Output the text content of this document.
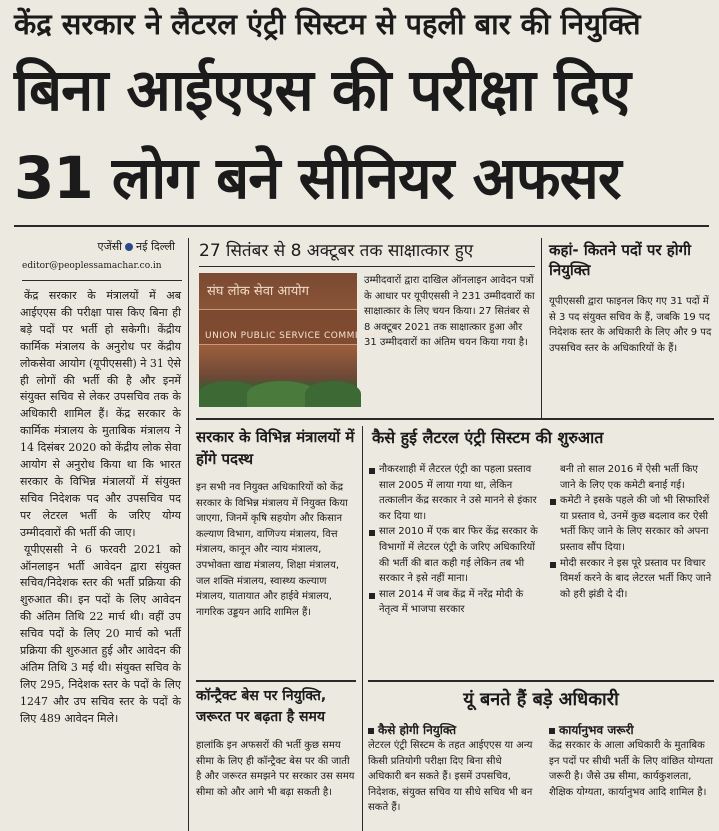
केंद्र सरकार ने लैटरल एंट्री सिस्टम से पहली बार की नियुक्ति
बिना आईएएस की परीक्षा दिए
31 लोग बने सीनियर अफसर
एजेंसी नई दिल्ली
editor@peoplessamachar.co.in
केंद्र सरकार के मंत्रालयों में अब आईएएस की परीक्षा पास किए बिना ही बड़े पदों पर भर्ती हो सकेगी। केंद्रीय कार्मिक मंत्रालय के अनुरोध पर केंद्रीय लोकसेवा आयोग (यूपीएससी) ने 31 ऐसे ही लोगों की भर्ती की है और इनमें संयुक्त सचिव से लेकर उपसचिव तक के अधिकारी शामिल हैं। केंद्र सरकार के कार्मिक मंत्रालय के मुताबिक मंत्रालय ने 14 दिसंबर 2020 को केंद्रीय लोक सेवा आयोग से अनुरोध किया था कि भारत सरकार के विभिन्न मंत्रालयों में संयुक्त सचिव निदेशक पद और उपसचिव पद पर लेटरल भर्ती के जरिए योग्य उम्मीदवारों की भर्ती की जाए।
यूपीएससी ने 6 फरवरी 2021 को ऑनलाइन भर्ती आवेदन द्वारा संयुक्त सचिव/निदेशक स्तर की भर्ती प्रक्रिया की शुरुआत की। इन पदों के लिए आवेदन की अंतिम तिथि 22 मार्च थी। वहीं उप सचिव पदों के लिए 20 मार्च को भर्ती प्रक्रिया की शुरुआत हुई और आवेदन की अंतिम तिथि 3 मई थी। संयुक्त सचिव के लिए 295, निदेशक स्तर के पदों के लिए 1247 और उप सचिव स्तर के पदों के लिए 489 आवेदन मिले।
27 सितंबर से 8 अक्टूबर तक साक्षात्कार हुए
संघ लोक सेवा आयोग
UNION PUBLIC SERVICE COMMISSION
उम्मीदवारों द्वारा दाखिल ऑनलाइन आवेदन पत्रों के आधार पर यूपीएससी ने 231 उम्मीदवारों का साक्षात्कार के लिए चयन किया। 27 सितंबर से 8 अक्टूबर 2021 तक साक्षात्कार हुआ और 31 उम्मीदवारों का अंतिम चयन किया गया है।
कहां- कितने पदों पर होगी नियुक्ति
यूपीएससी द्वारा फाइनल किए गए 31 पदों में से 3 पद संयुक्त सचिव के हैं, जबकि 19 पद निदेशक स्तर के अधिकारी के लिए और 9 पद उपसचिव स्तर के अधिकारियों के हैं।
सरकार के विभिन्न मंत्रालयों में होंगे पदस्थ
इन सभी नव नियुक्त अधिकारियों को केंद्र सरकार के विभिन्न मंत्रालय में नियुक्त किया जाएगा, जिनमें कृषि सहयोग और किसान कल्याण विभाग, वाणिज्य मंत्रालय, वित्त मंत्रालय, कानून और न्याय मंत्रालय, उपभोक्ता खाद्य मंत्रालय, शिक्षा मंत्रालय, जल शक्ति मंत्रालय, स्वास्थ्य कल्याण मंत्रालय, यातायात और हाईवे मंत्रालय, नागरिक उड्डयन आदि शामिल हैं।
कैसे हुई लैटरल एंट्री सिस्टम की शुरुआत
नौकरशाही में लैटरल एंट्री का पहला प्रस्ताव साल 2005 में लाया गया था, लेकिन तत्कालीन केंद्र सरकार ने उसे मानने से इंकार कर दिया था।
साल 2010 में एक बार फिर केंद्र सरकार के विभागों में लेटरल एंट्री के जरिए अधिकारियों की भर्ती की बात कही गई लेकिन तब भी सरकार ने इसे नहीं माना।
साल 2014 में जब केंद्र में नरेंद्र मोदी के नेतृत्व में भाजपा सरकार
बनी तो साल 2016 में ऐसी भर्ती किए जाने के लिए एक कमेटी बनाई गई।
कमेटी ने इसके पहले की जो भी सिफारिशें या प्रस्ताव थे, उनमें कुछ बदलाव कर ऐसी भर्ती किए जाने के लिए सरकार को अपना प्रस्ताव सौंप दिया।
मोदी सरकार ने इस पूरे प्रस्ताव पर विचार विमर्श करने के बाद लेटरल भर्ती किए जाने को हरी झंडी दे दी।
कॉन्ट्रैक्ट बेस पर नियुक्ति, जरूरत पर बढ़ता है समय
हालांकि इन अफसरों की भर्ती कुछ समय सीमा के लिए ही कॉन्ट्रैक्ट बेस पर की जाती है और जरूरत समझने पर सरकार उस समय सीमा को और आगे भी बढ़ा सकती है।
यूं बनते हैं बड़े अधिकारी
कैसे होगी नियुक्ति
लेटरल एंट्री सिस्टम के तहत आईएएस या अन्य किसी प्रतियोगी परीक्षा दिए बिना सीधे अधिकारी बन सकते हैं। इसमें उपसचिव, निदेशक, संयुक्त सचिव या सीधे सचिव भी बन सकते हैं।
कार्यानुभव जरूरी
केंद्र सरकार के आला अधिकारी के मुताबिक इन पदों पर सीधी भर्ती के लिए वांछित योग्यता जरूरी है। जैसे उम्र सीमा, कार्यकुशलता, शैक्षिक योग्यता, कार्यानुभव आदि शामिल है।
